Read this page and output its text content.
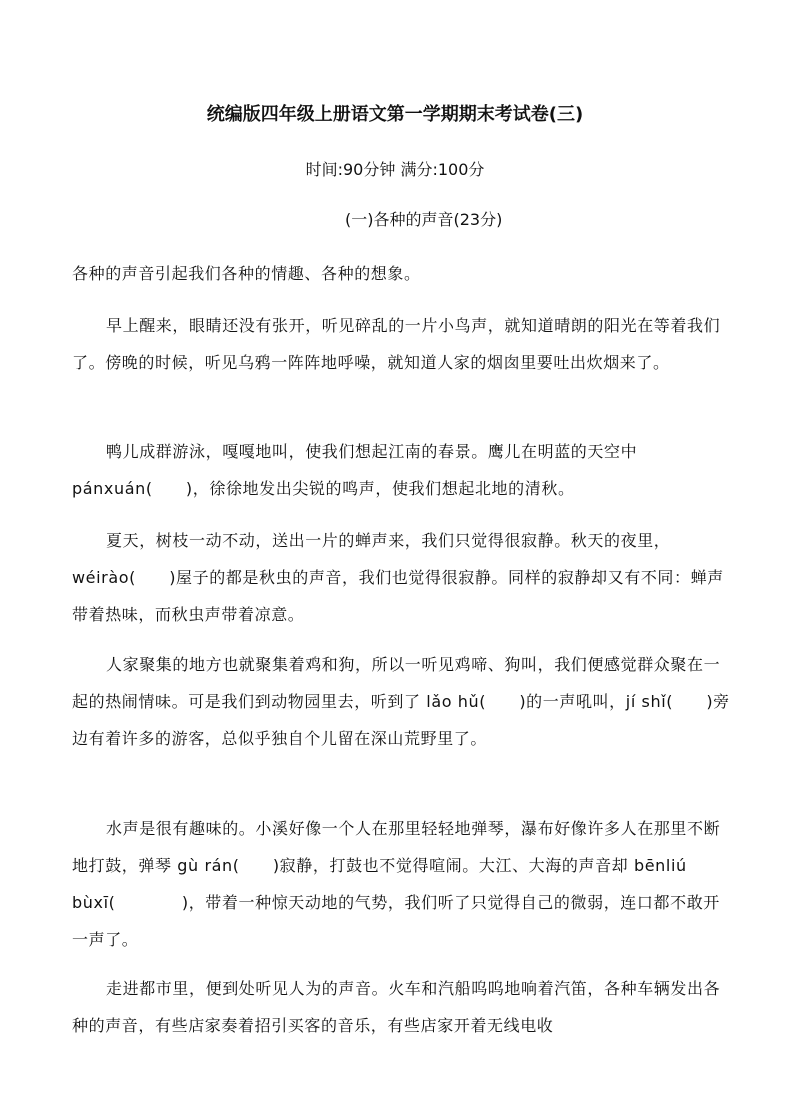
统编版四年级上册语文第一学期期末考试卷(三)
时间:90分钟 满分:100分
(一)各种的声音(23分)

各种的声音引起我们各种的情趣、各种的想象。

早上醒来，眼睛还没有张开，听见碎乱的一片小鸟声，就知道晴朗的阳光在等着我们了。傍晚的时候，听见乌鸦一阵阵地呼噪，就知道人家的烟囱里要吐出炊烟来了。

鸭儿成群游泳，嘎嘎地叫，使我们想起江南的春景。鹰儿在明蓝的天空中pánxuán(　　)，徐徐地发出尖锐的鸣声，使我们想起北地的清秋。

夏天，树枝一动不动，送出一片的蝉声来，我们只觉得很寂静。秋天的夜里，wéirào(　　)屋子的都是秋虫的声音，我们也觉得很寂静。同样的寂静却又有不同：蝉声带着热味，而秋虫声带着凉意。

人家聚集的地方也就聚集着鸡和狗，所以一听见鸡啼、狗叫，我们便感觉群众聚在一起的热闹情味。可是我们到动物园里去，听到了 lǎo hǔ(　　)的一声吼叫，jí shǐ(　　)旁边有着许多的游客，总似乎独自个儿留在深山荒野里了。

水声是很有趣味的。小溪好像一个人在那里轻轻地弹琴，瀑布好像许多人在那里不断地打鼓，弹琴 gù rán(　　)寂静，打鼓也不觉得喧闹。大江、大海的声音却 bēnliú bùxī(　　　　)，带着一种惊天动地的气势，我们听了只觉得自己的微弱，连口都不敢开一声了。

走进都市里，便到处听见人为的声音。火车和汽船呜呜地响着汽笛，各种车辆发出各种的声音，有些店家奏着招引买客的音乐，有些店家开着无线电收
